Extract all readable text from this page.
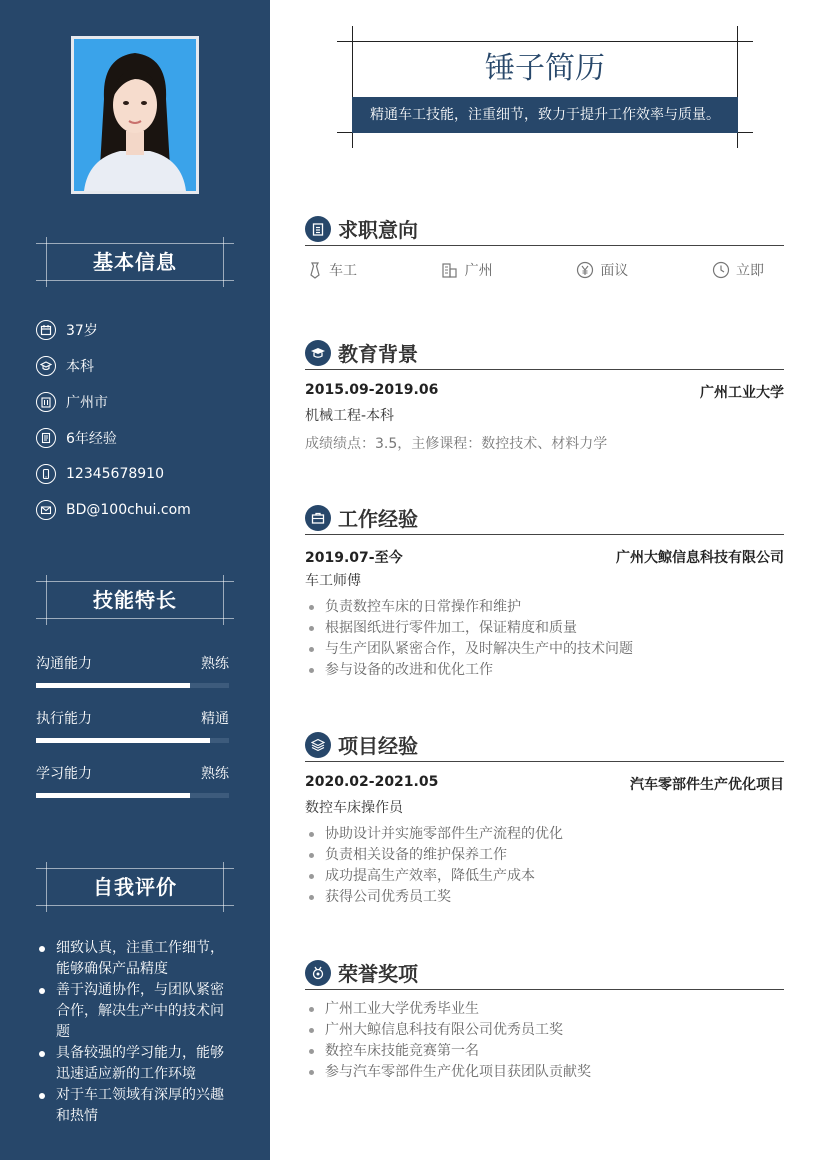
基本信息
37岁
本科
广州市
6年经验
12345678910
BD@100chui.com
技能特长
沟通能力	熟练
执行能力	精通
学习能力	熟练
自我评价
细致认真，注重工作细节，能够确保产品精度
善于沟通协作，与团队紧密合作，解决生产中的技术问题
具备较强的学习能力，能够迅速适应新的工作环境
对于车工领域有深厚的兴趣和热情
锤子简历
精通车工技能，注重细节，致力于提升工作效率与质量。
求职意向
车工	广州	面议	立即
教育背景
2015.09-2019.06	广州工业大学
机械工程-本科
成绩绩点：3.5，主修课程：数控技术、材料力学
工作经验
2019.07-至今	广州大鲸信息科技有限公司
车工师傅
负责数控车床的日常操作和维护
根据图纸进行零件加工，保证精度和质量
与生产团队紧密合作，及时解决生产中的技术问题
参与设备的改进和优化工作
项目经验
2020.02-2021.05	汽车零部件生产优化项目
数控车床操作员
协助设计并实施零部件生产流程的优化
负责相关设备的维护保养工作
成功提高生产效率，降低生产成本
获得公司优秀员工奖
荣誉奖项
广州工业大学优秀毕业生
广州大鲸信息科技有限公司优秀员工奖
数控车床技能竞赛第一名
参与汽车零部件生产优化项目获团队贡献奖
